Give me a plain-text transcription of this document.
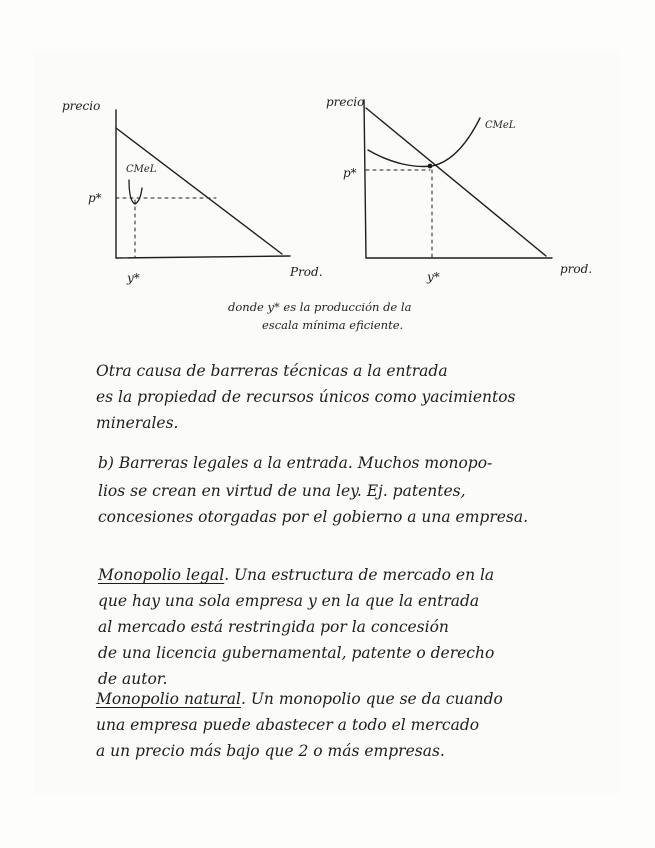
precio
CMeL
p*
y*	Prod.
precio
CMeL
p*
y*
prod.

donde y* es la producción de la

escala mínima eficiente.

Otra causa de barreras técnicas a la entrada

es la propiedad de recursos únicos como yacimientos

minerales.

b) Barreras legales a la entrada. Muchos monopo-

lios se crean en virtud de una ley. Ej. patentes,

concesiones otorgadas por el gobierno a una empresa.

Monopolio legal. Una estructura de mercado en la

que hay una sola empresa y en la que la entrada

al mercado está restringida por la concesión

de una licencia gubernamental, patente o derecho

de autor.

Monopolio natural. Un monopolio que se da cuando

una empresa puede abastecer a todo el mercado

a un precio más bajo que 2 o más empresas.
